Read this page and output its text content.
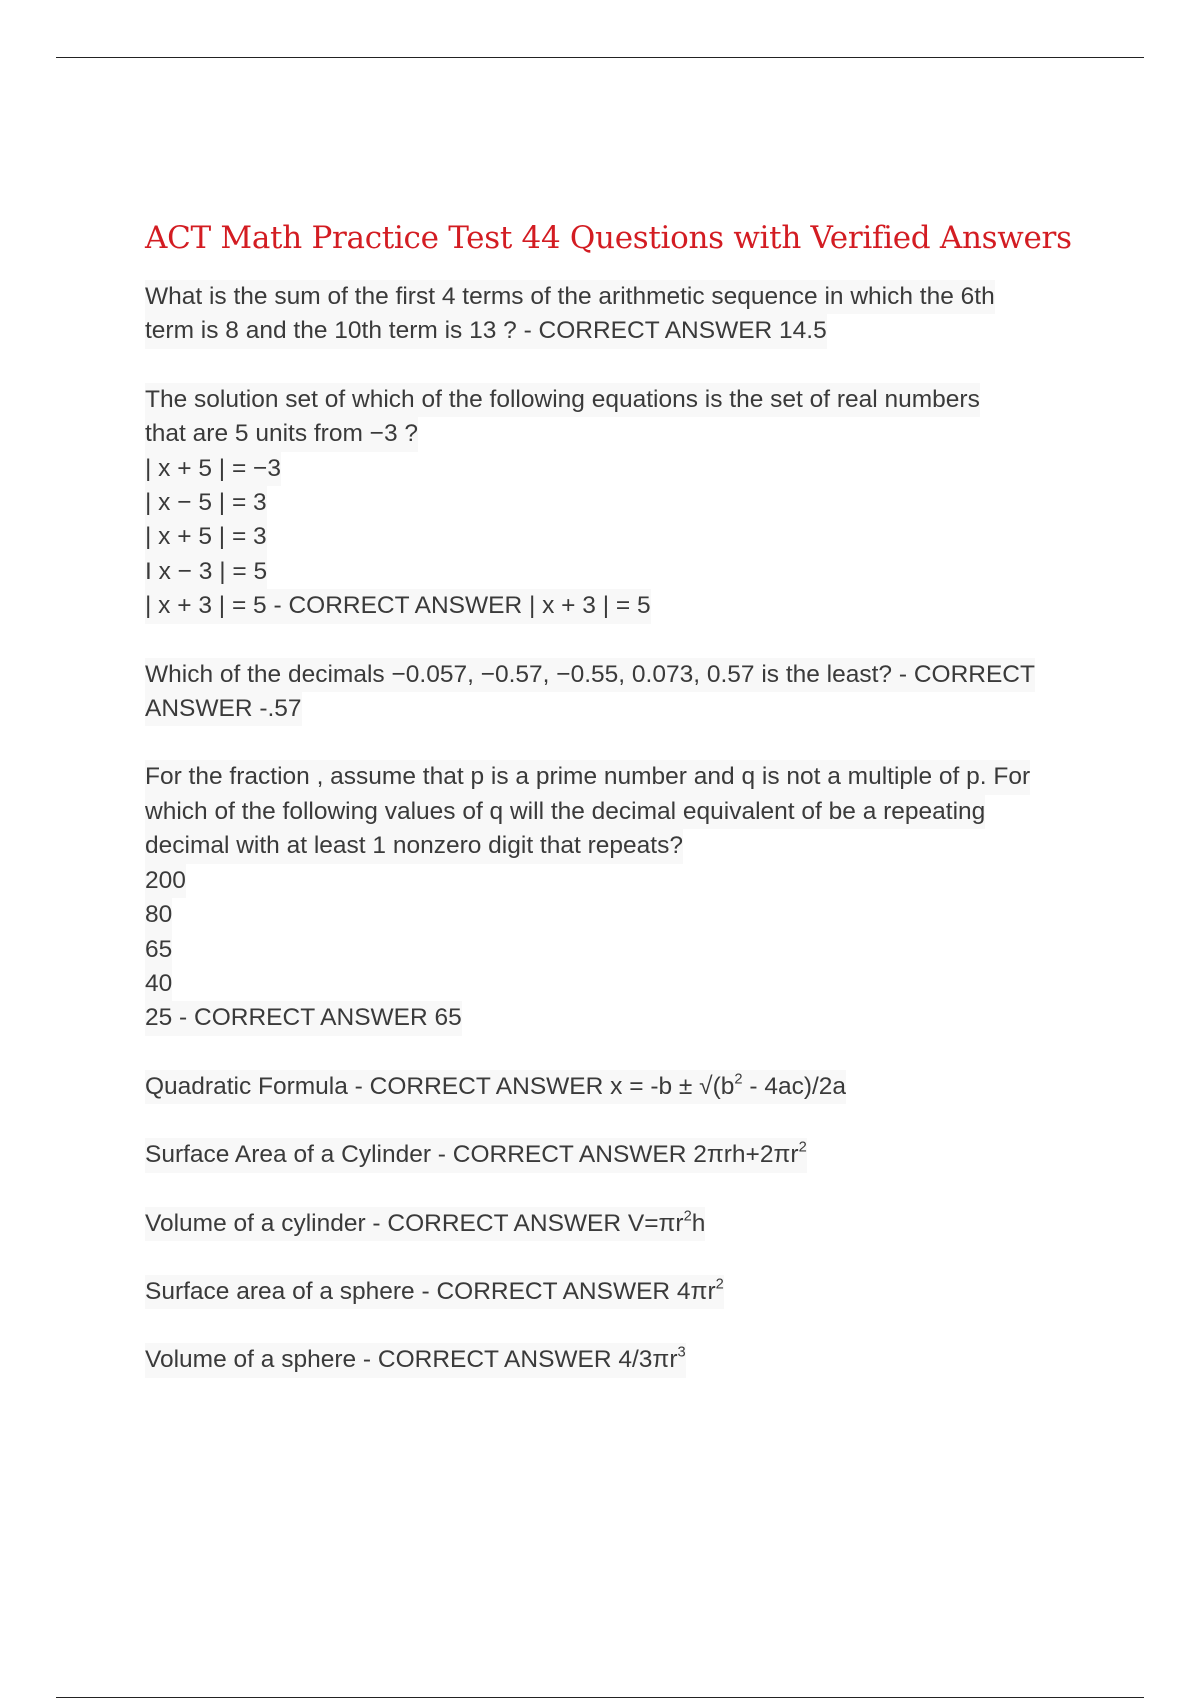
ACT Math Practice Test 44 Questions with Verified Answers
What is the sum of the first 4 terms of the arithmetic sequence in which the 6th
term is 8 and the 10th term is 13 ? - CORRECT ANSWER 14.5
The solution set of which of the following equations is the set of real numbers
that are 5 units from −3 ?
| x + 5 | = −3
| x − 5 | = 3
| x + 5 | = 3
I x − 3 | = 5
| x + 3 | = 5 - CORRECT ANSWER | x + 3 | = 5
Which of the decimals −0.057, −0.57, −0.55, 0.073, 0.57 is the least? - CORRECT
ANSWER -.57
For the fraction , assume that p is a prime number and q is not a multiple of p. For
which of the following values of q will the decimal equivalent of be a repeating
decimal with at least 1 nonzero digit that repeats?
200
80
65
40
25 - CORRECT ANSWER 65
Quadratic Formula - CORRECT ANSWER $x = -b \pm √(b^2 - 4ac)/2a$
Surface Area of a Cylinder - CORRECT ANSWER $2\pi rh+2\pi r^2$
Volume of a cylinder - CORRECT ANSWER $V=\pi r^2h$
Surface area of a sphere - CORRECT ANSWER $4\pi r^2$
Volume of a sphere - CORRECT ANSWER $4/3\pi r^3$
